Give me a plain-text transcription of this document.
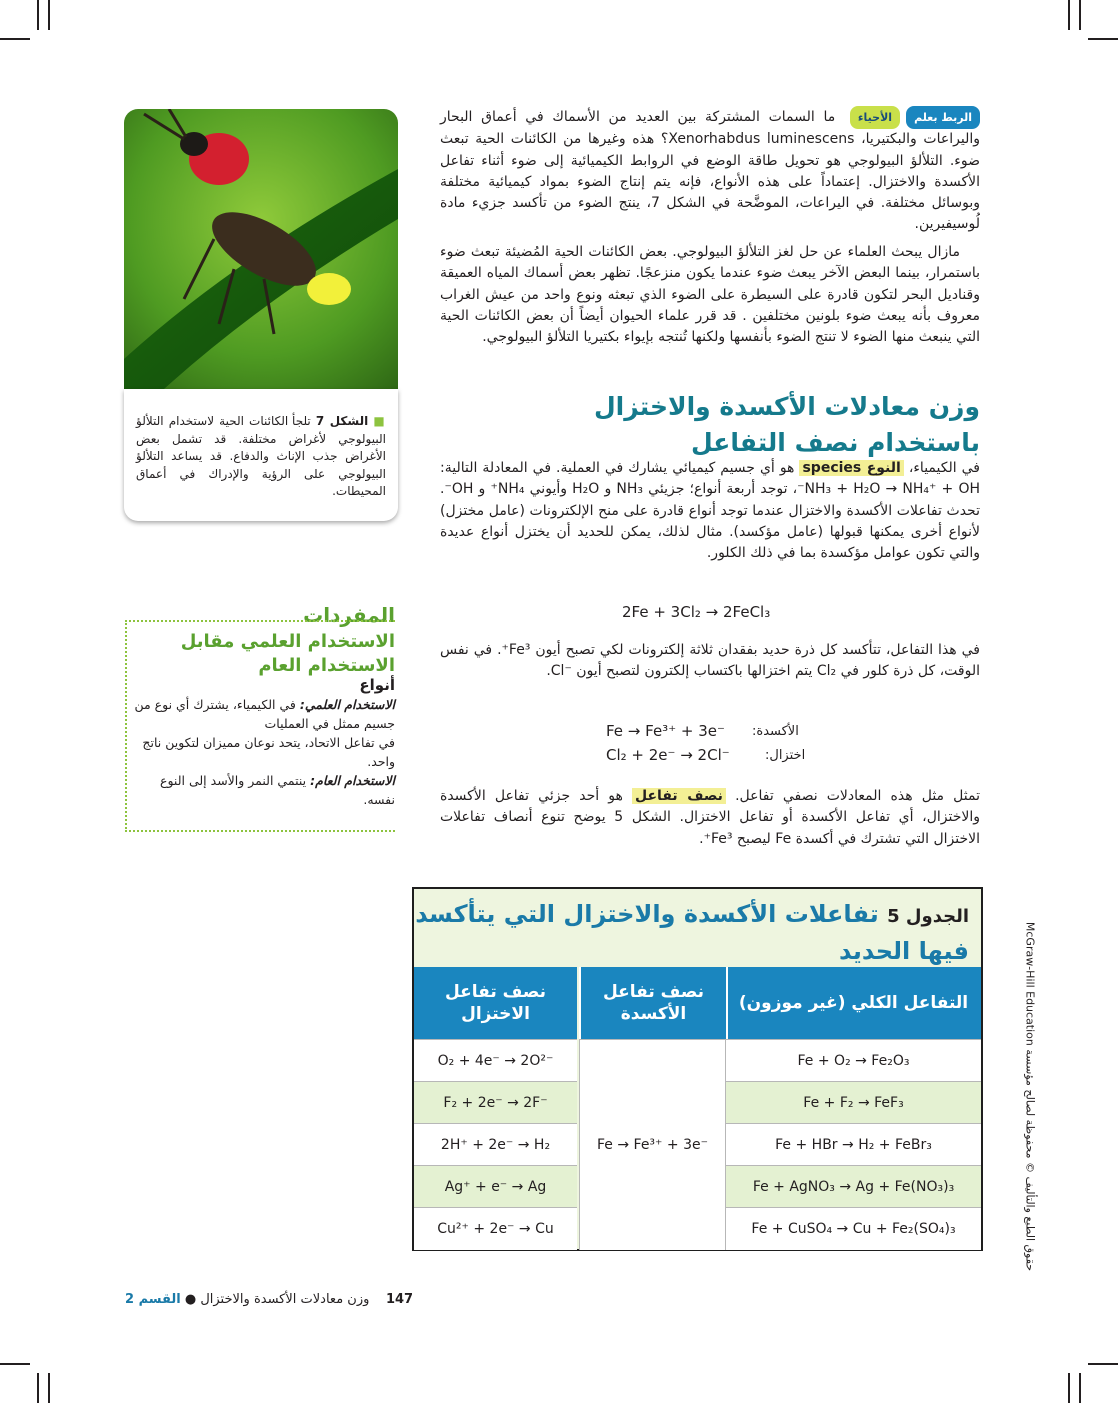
■ الشكل 7 تلجأ الكائنات الحية لاستخدام التلألؤ البيولوجي لأغراض مختلفة. قد تشمل بعض الأغراض جذب الإناث والدفاع. قد يساعد التلألؤ البيولوجي على الرؤية والإدراك في أعماق المحيطات.
الربط بعلمالأحياء ما السمات المشتركة بين العديد من الأسماك في أعماق البحار واليراعات والبكتيريا، Xenorhabdus luminescens؟ هذه وغيرها من الكائنات الحية تبعث ضوء. التلألؤ البيولوجي هو تحويل طاقة الوضع في الروابط الكيميائية إلى ضوء أثناء تفاعل الأكسدة والاختزال. إعتماداً على هذه الأنواع، فإنه يتم إنتاج الضوء بمواد كيميائية مختلفة وبوسائل مختلفة. في اليراعات، الموضَّحة في الشكل 7، ينتج الضوء من تأكسد جزيء مادة لُوسيفيرين.
مازال يبحث العلماء عن حل لغز التلألؤ البيولوجي. بعض الكائنات الحية المُضيئة تبعث ضوء باستمرار، بينما البعض الآخر يبعث ضوء عندما يكون منزعجًا. تظهر بعض أسماك المياه العميقة وقناديل البحر لتكون قادرة على السيطرة على الضوء الذي تبعثه ونوع واحد من عيش الغراب معروف بأنه يبعث ضوء بلونين مختلفين . قد قرر علماء الحيوان أيضاً أن بعض الكائنات الحية التي ينبعث منها الضوء لا تنتج الضوء بأنفسها ولكنها تُنتجه بإيواء بكتيريا التلألؤ البيولوجي.
وزن معادلات الأكسدة والاختزال
باستخدام نصف التفاعل
في الكيمياء، النوع species هو أي جسيم كيميائي يشارك في العملية. في المعادلة التالية: NH₃ + H₂O → NH₄⁺ + OH⁻، توجد أربعة أنواع؛ جزيئي NH₃ و H₂O وأيوني NH₄⁺ و OH⁻. تحدث تفاعلات الأكسدة والاختزال عندما توجد أنواع قادرة على منح الإلكترونات (عامل مختزل) لأنواع أخرى يمكنها قبولها (عامل مؤكسد). مثال لذلك، يمكن للحديد أن يختزل أنواع عديدة والتي تكون عوامل مؤكسدة بما في ذلك الكلور.
2Fe + 3Cl₂ → 2FeCl₃
في هذا التفاعل، تتأكسد كل ذرة حديد بفقدان ثلاثة إلكترونات لكي تصبح أيون Fe³⁺. في نفس الوقت، كل ذرة كلور في Cl₂ يتم اختزالها باكتساب إلكترون لتصبح أيون ⁻Cl.
Fe → Fe³⁺ + 3e⁻ الأكسدة:
Cl₂ + 2e⁻ → 2Cl⁻	اختزال:
تمثل مثل هذه المعادلات نصفي تفاعل. نصف تفاعل هو أحد جزئي تفاعل الأكسدة والاختزال، أي تفاعل الأكسدة أو تفاعل الاختزال. الشكل 5 يوضح تنوع أنصاف تفاعلات الاختزال التي تشترك في أكسدة Fe ليصبح Fe³⁺.
المفردات
الاستخدام العلمي مقابل الاستخدام العام
أنواع
الاستخدام العلمي: في الكيمياء، يشترك أي نوع من جسيم ممثل في العمليات
في تفاعل الاتحاد، يتحد نوعان مميزان لتكوين ناتج واحد.
الاستخدام العام: ينتمي النمر والأسد إلى النوع نفسه.
الجدول 5 تفاعلات الأكسدة والاختزال التي يتأكسد فيها الحديد
التفاعل الكلي (غير موزون)
نصف تفاعل الأكسدة
نصف تفاعل الاختزال
Fe + O₂ → Fe₂O₃
Fe + F₂ → FeF₃
Fe + HBr → H₂ + FeBr₃
Fe + AgNO₃ → Ag + Fe(NO₃)₃
Fe + CuSO₄ → Cu + Fe₂(SO₄)₃
Fe → Fe³⁺ + 3e⁻
O₂ + 4e⁻ → 2O²⁻
F₂ + 2e⁻ → 2F⁻
2H⁺ + 2e⁻ → H₂
Ag⁺ + e⁻ → Ag
Cu²⁺ + 2e⁻ → Cu
حقوق الطبع والتأليف © محفوظة لصالح مؤسسة McGraw-Hill Education
147    وزن معادلات الأكسدة والاختزال ● القسم 2
